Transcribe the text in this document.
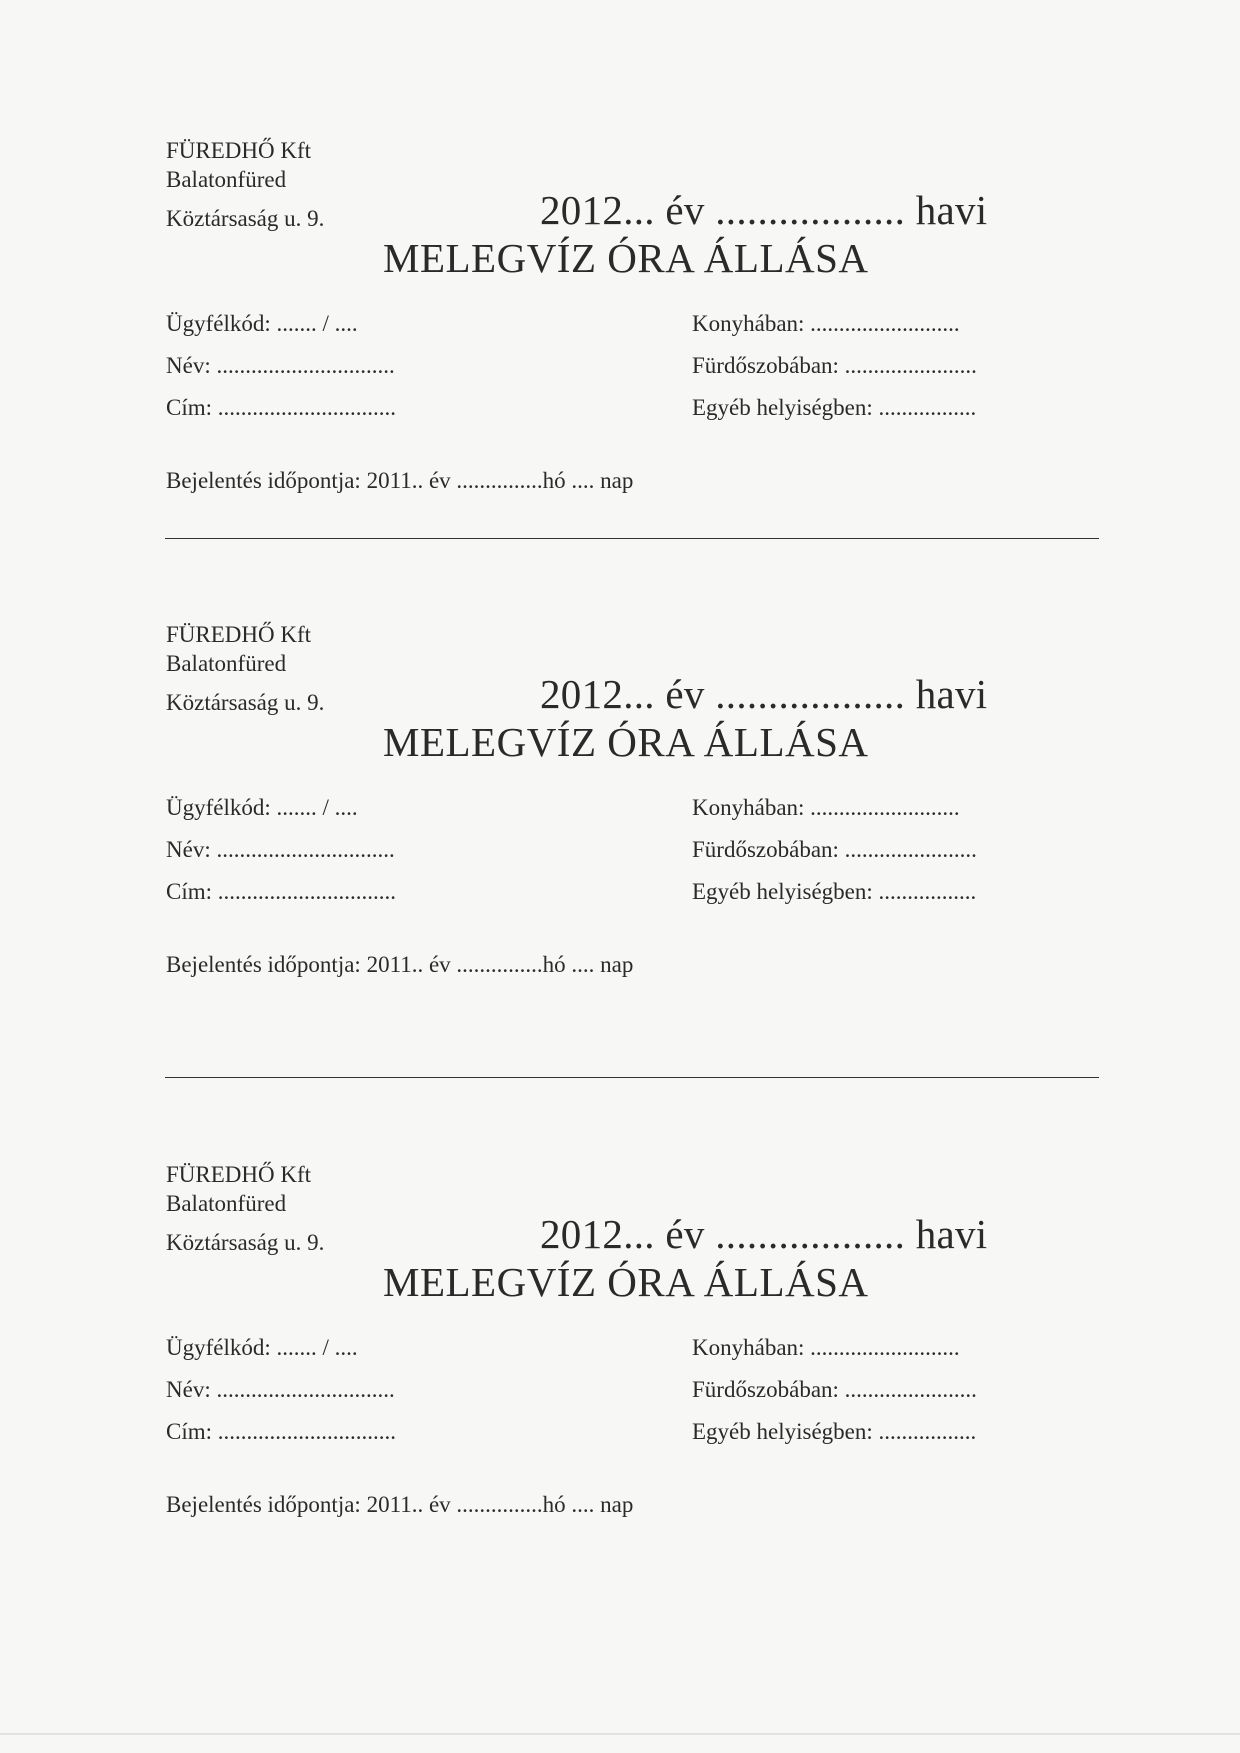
FÜREDHŐ Kft
Balatonfüred
Köztársaság u. 9.	2012... év .................. havi
MELEGVÍZ ÓRA ÁLLÁSA
Ügyfélkód: ....... / ....
Név: ...............................
Cím: ...............................
Konyhában: ..........................
Fürdőszobában: .......................
Egyéb helyiségben: .................
Bejelentés időpontja: 2011.. év ...............hó .... nap
FÜREDHŐ Kft
Balatonfüred
Köztársaság u. 9.	2012... év .................. havi
MELEGVÍZ ÓRA ÁLLÁSA
Ügyfélkód: ....... / ....
Név: ...............................
Cím: ...............................
Konyhában: ..........................
Fürdőszobában: .......................
Egyéb helyiségben: .................
Bejelentés időpontja: 2011.. év ...............hó .... nap
FÜREDHŐ Kft
Balatonfüred
Köztársaság u. 9.	2012... év .................. havi
MELEGVÍZ ÓRA ÁLLÁSA
Ügyfélkód: ....... / ....
Név: ...............................
Cím: ...............................
Konyhában: ..........................
Fürdőszobában: .......................
Egyéb helyiségben: .................
Bejelentés időpontja: 2011.. év ...............hó .... nap
